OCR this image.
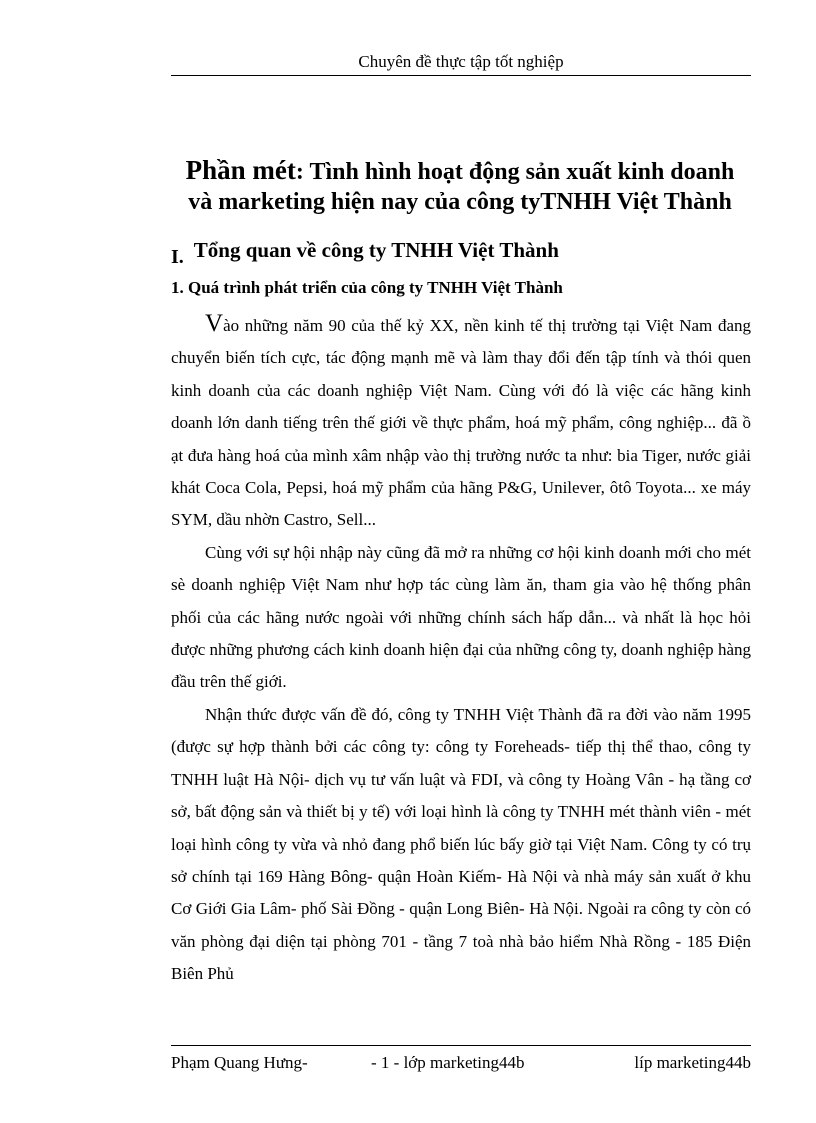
Chuyên đề thực tập tốt nghiệp
Phần mét: Tình hình hoạt động sản xuất kinh doanh
và marketing hiện nay của công tyTNHH Việt Thành
I. Tổng quan về công ty TNHH Việt Thành
1. Quá trình phát triển của công ty TNHH Việt Thành

Vào những năm 90 của thế kỷ XX, nền kinh tế thị trường tại Việt Nam đang chuyển biến tích cực, tác động mạnh mẽ và làm thay đổi đến tập tính và thói quen kinh doanh của các doanh nghiệp Việt Nam. Cùng với đó là việc các hãng kinh doanh lớn danh tiếng trên thế giới về thực phẩm, hoá mỹ phẩm, công nghiệp... đã ồ ạt đưa hàng hoá của mình xâm nhập vào thị trường nước ta như: bia Tiger, nước giải khát Coca Cola, Pepsi, hoá mỹ phẩm của hãng P&G, Unilever, ôtô Toyota... xe máy SYM, dầu nhờn Castro, Sell...

Cùng với sự hội nhập này cũng đã mở ra những cơ hội kinh doanh mới cho mét sè doanh nghiệp Việt Nam như hợp tác cùng làm ăn, tham gia vào hệ thống phân phối của các hãng nước ngoài với những chính sách hấp dẫn... và nhất là học hỏi được những phương cách kinh doanh hiện đại của những công ty, doanh nghiệp hàng đầu trên thế giới.

Nhận thức được vấn đề đó, công ty TNHH Việt Thành đã ra đời vào năm 1995 (được sự hợp thành bởi các công ty: công ty Foreheads- tiếp thị thể thao, công ty TNHH luật Hà Nội- dịch vụ tư vấn luật và FDI, và công ty Hoàng Vân - hạ tầng cơ sở, bất động sản và thiết bị y tế) với loại hình là công ty TNHH mét thành viên - mét loại hình công ty vừa và nhỏ đang phổ biến lúc bấy giờ tại Việt Nam. Công ty có trụ sở chính tại 169 Hàng Bông- quận Hoàn Kiếm- Hà Nội và nhà máy sản xuất ở khu Cơ Giới Gia Lâm- phố Sài Đồng - quận Long Biên- Hà Nội. Ngoài ra công ty còn có văn phòng đại diện tại phòng 701 - tầng 7 toà nhà bảo hiểm Nhà Rồng - 185 Điện Biên Phủ

Phạm Quang Hưng-	- 1 - lớp marketing44b	líp marketing44b
